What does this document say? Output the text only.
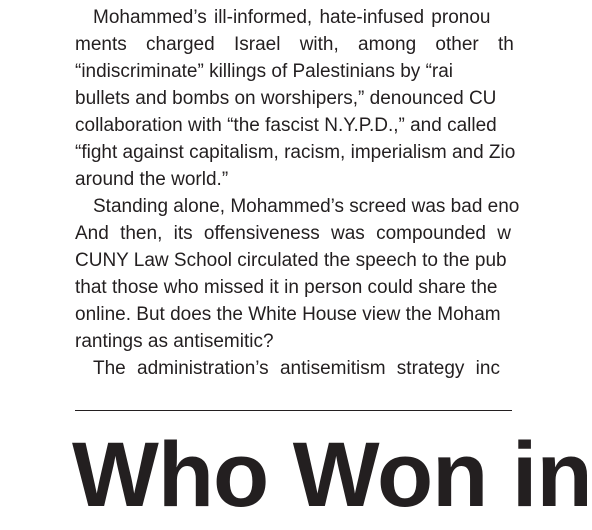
Mohammed’s ill-informed, hate-infused pronou
ments charged Israel with, among other th
“indiscriminate” killings of Palestinians by “rai
bullets and bombs on worshipers,” denounced CU
collaboration with “the fascist N.Y.P.D.,” and called
“fight against capitalism, racism, imperialism and Zio
around the world.”
Standing alone, Mohammed’s screed was bad eno
And then, its offensiveness was compounded w
CUNY Law School circulated the speech to the pub
that those who missed it in person could share the
online. But does the White House view the Moham
rantings as antisemitic?
The administration’s antisemitism strategy inc
Who Won in
